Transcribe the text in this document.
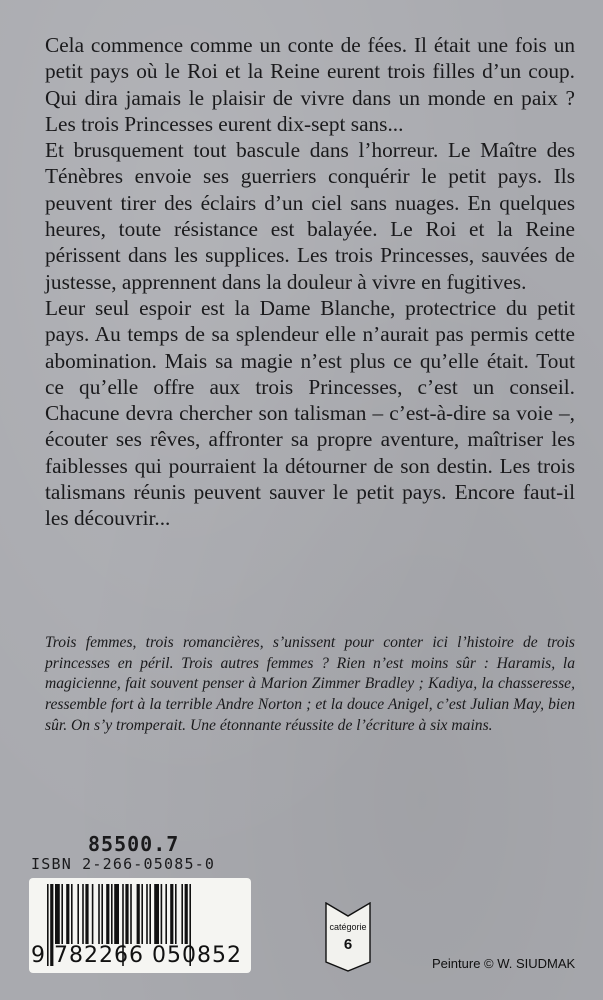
Cela commence comme un conte de fées. Il était une fois un petit pays où le Roi et la Reine eurent trois filles d’un coup. Qui dira jamais le plaisir de vivre dans un monde en paix ? Les trois Princesses eurent dix-sept sans...

Et brusquement tout bascule dans l’horreur. Le Maître des Ténèbres envoie ses guerriers conquérir le petit pays. Ils peuvent tirer des éclairs d’un ciel sans nuages. En quelques heures, toute résistance est balayée. Le Roi et la Reine périssent dans les supplices. Les trois Princesses, sauvées de justesse, apprennent dans la douleur à vivre en fugitives.

Leur seul espoir est la Dame Blanche, protectrice du petit pays. Au temps de sa splendeur elle n’aurait pas permis cette abomination. Mais sa magie n’est plus ce qu’elle était. Tout ce qu’elle offre aux trois Princesses, c’est un conseil. Chacune devra chercher son talisman – c’est-à-dire sa voie –, écouter ses rêves, affronter sa propre aventure, maîtriser les faiblesses qui pourraient la détourner de son destin. Les trois talismans réunis peuvent sauver le petit pays. Encore faut-il les découvrir...

Trois femmes, trois romancières, s’unissent pour conter ici l’histoire de trois princesses en péril. Trois autres femmes ? Rien n’est moins sûr : Haramis, la magicienne, fait souvent penser à Marion Zimmer Bradley ; Kadiya, la chasseresse, ressemble fort à la terrible Andre Norton ; et la douce Anigel, c’est Julian May, bien sûr. On s’y tromperait. Une étonnante réussite de l’écriture à six mains.

85500.7
ISBN 2-266-05085-0
9 782266 050852
catégorie
6
Peinture © W. SIUDMAK
